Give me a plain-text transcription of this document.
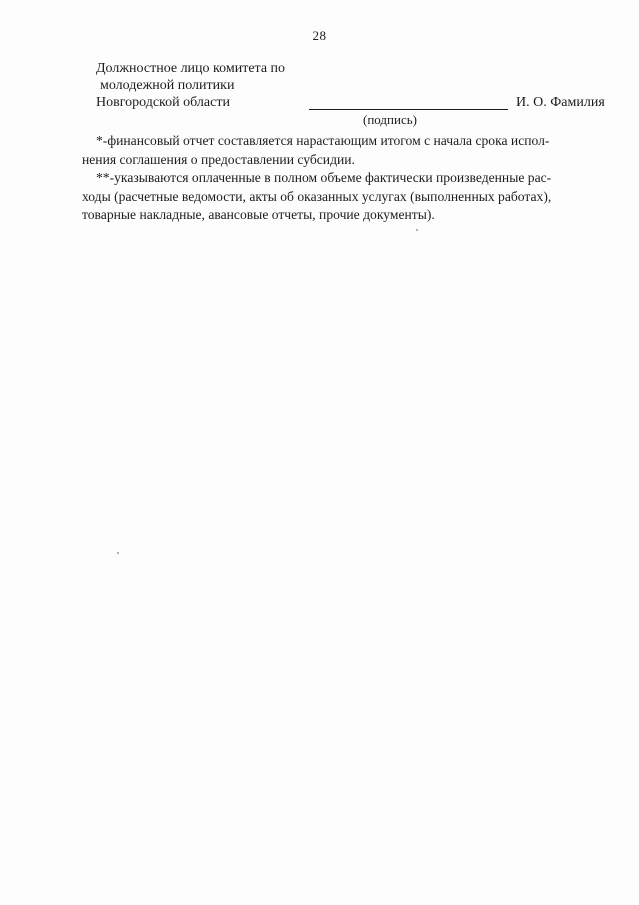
28
Должностное лицо комитета по
молодежной политики
Новгородской области	И. О. Фамилия
(подпись)
*-финансовый отчет составляется нарастающим итогом с начала срока испол-
нения соглашения о предоставлении субсидии.
**-указываются оплаченные в полном объеме фактически произведенные рас-
ходы (расчетные ведомости, акты об оказанных услугах (выполненных работах),
товарные накладные, авансовые отчеты, прочие документы).
